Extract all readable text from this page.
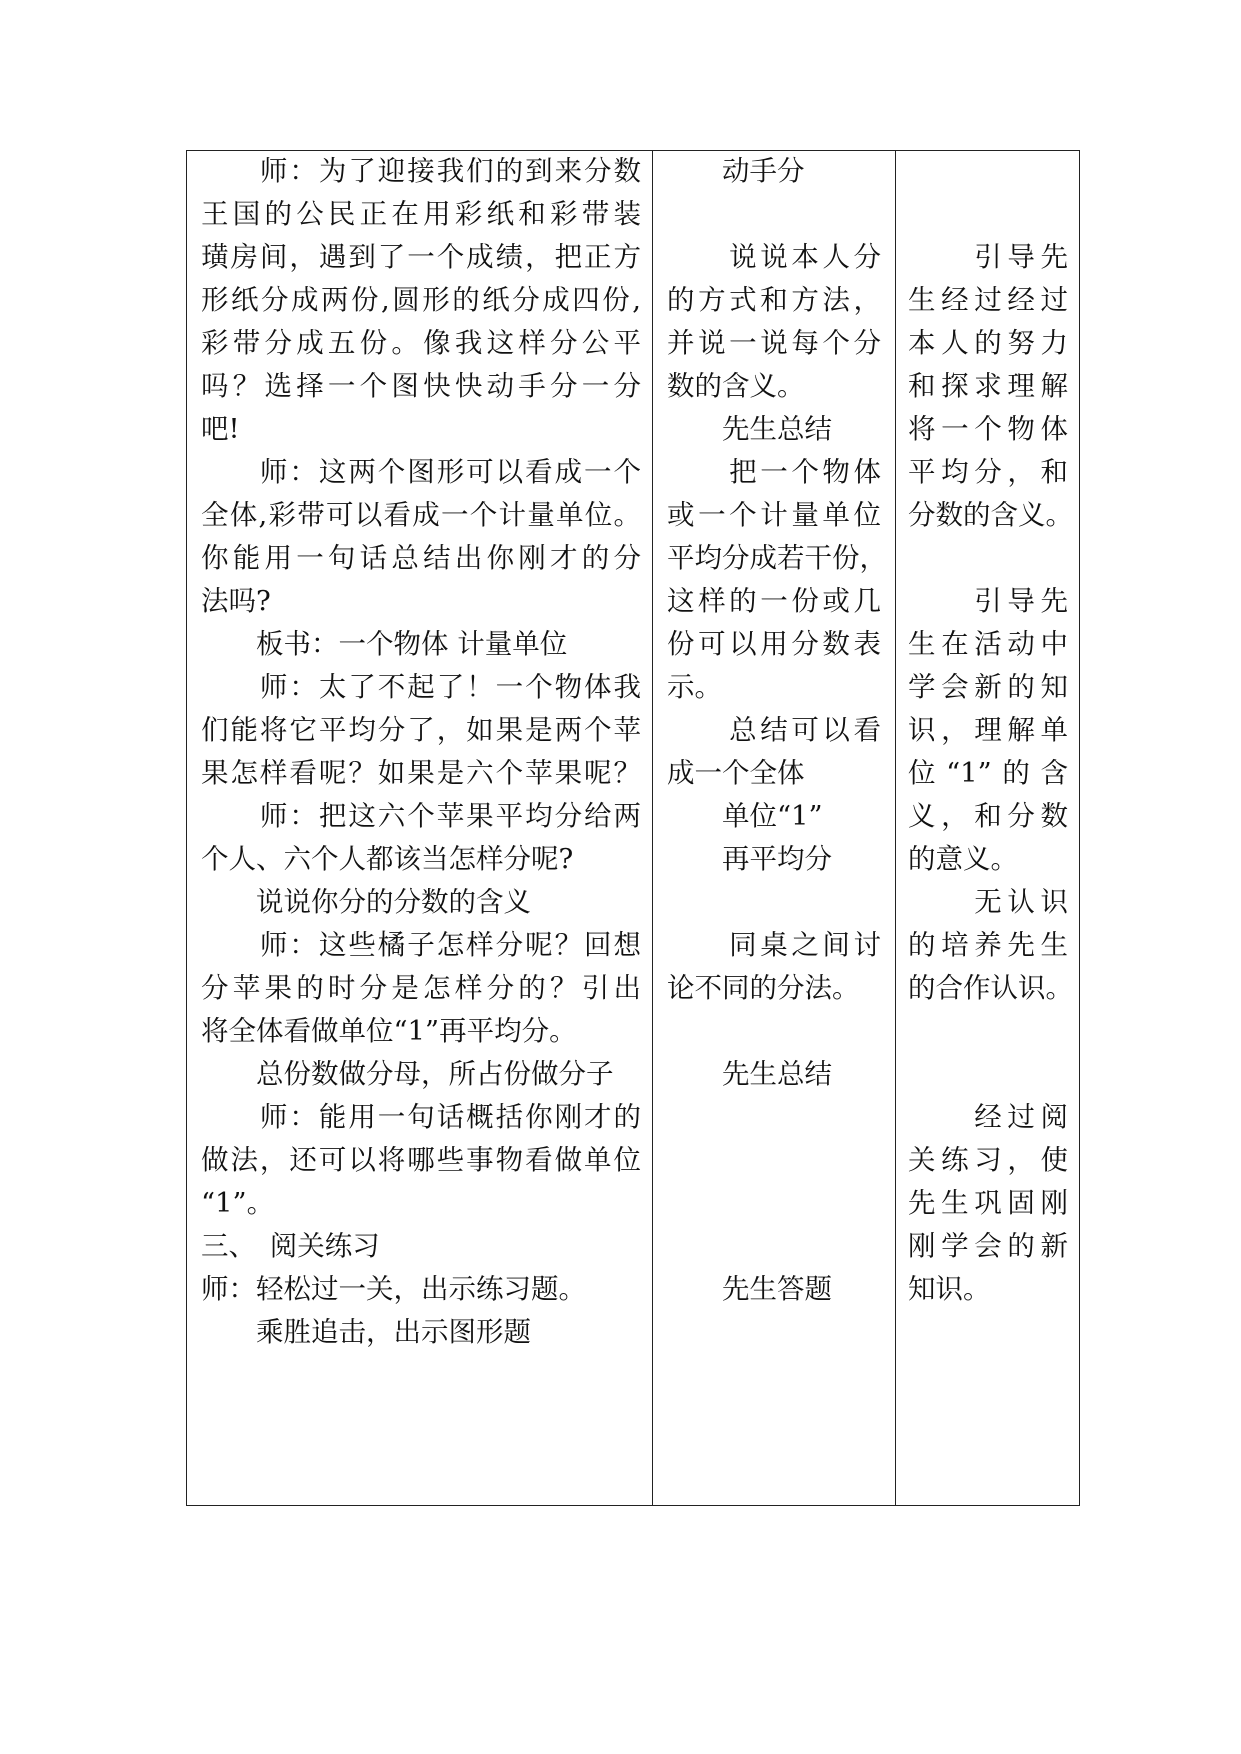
　　师：为了迎接我们的到来分数
王国的公民正在用彩纸和彩带装
璜房间，遇到了一个成绩，把正方
形纸分成两份,圆形的纸分成四份,
彩带分成五份。像我这样分公平
吗？选择一个图快快动手分一分
吧!
　　师：这两个图形可以看成一个
全体,彩带可以看成一个计量单位。
你能用一句话总结出你刚才的分
法吗?
　　板书：一个物体 计量单位
　　师：太了不起了！一个物体我
们能将它平均分了，如果是两个苹
果怎样看呢？如果是六个苹果呢？
　　师：把这六个苹果平均分给两
个人、六个人都该当怎样分呢?
　　说说你分的分数的含义
　　师：这些橘子怎样分呢？回想
分苹果的时分是怎样分的？引出
将全体看做单位“1”再平均分。
　　总份数做分母，所占份做分子
　　师：能用一句话概括你刚才的
做法，还可以将哪些事物看做单位
“1”。
三、　阅关练习
师：轻松过一关，出示练习题。
　　乘胜追击，出示图形题
　　动手分
　　说说本人分
的方式和方法，
并说一说每个分
数的含义。
　　先生总结
　　把一个物体
或一个计量单位
平均分成若干份，
这样的一份或几
份可以用分数表
示。
　　总结可以看
成一个全体
　　单位“1”
　　再平均分
　　同桌之间讨
论不同的分法。
　　先生总结
　　先生答题
　　引导先
生经过经过
本人的努力
和探求理解
将一个物体
平均分，和
分数的含义。
　　引导先
生在活动中
学会新的知
识，理解单
位“1”的含
义，和分数
的意义。
　　无认识
的培养先生
的合作认识。
　　经过阅
关练习，使
先生巩固刚
刚学会的新
知识。
